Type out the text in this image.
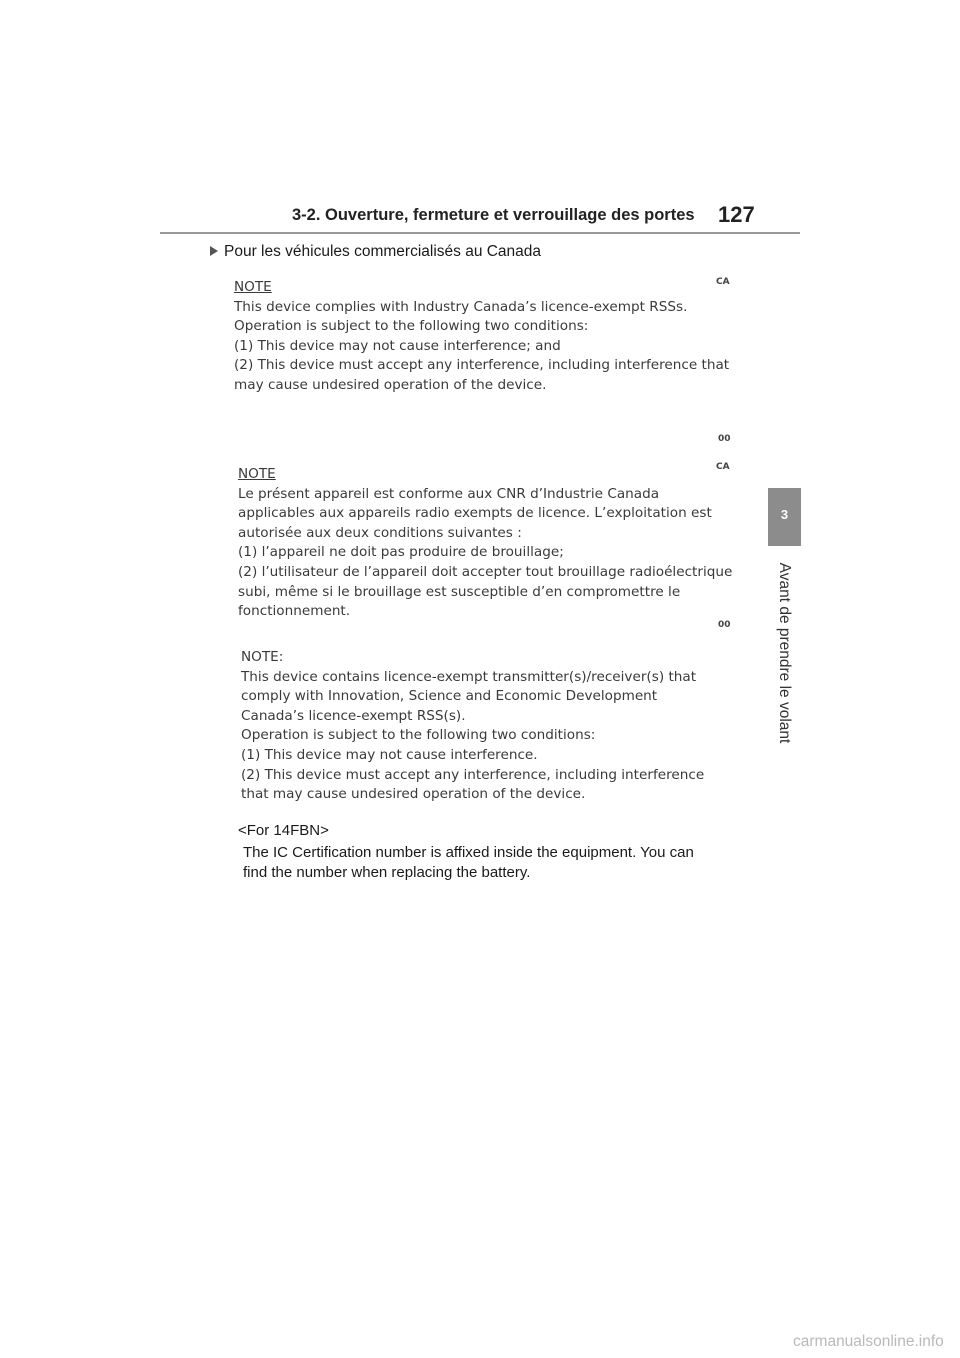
3-2. Ouverture, fermeture et verrouillage des portes 127
Pour les véhicules commercialisés au Canada
NOTE
This device complies with Industry Canada’s licence-exempt RSSs.
Operation is subject to the following two conditions:
(1) This device may not cause interference; and
(2) This device must accept any interference, including interference that
may cause undesired operation of the device.
CA
00
NOTE
Le présent appareil est conforme aux CNR d’Industrie Canada
applicables aux appareils radio exempts de licence. L’exploitation est
autorisée aux deux conditions suivantes :
(1) l’appareil ne doit pas produire de brouillage;
(2) l’utilisateur de l’appareil doit accepter tout brouillage radioélectrique
subi, même si le brouillage est susceptible d’en compromettre le
fonctionnement.
CA
00
NOTE:
This device contains licence-exempt transmitter(s)/receiver(s) that
comply with Innovation, Science and Economic Development
Canada’s licence-exempt RSS(s).
Operation is subject to the following two conditions:
(1) This device may not cause interference.
(2) This device must accept any interference, including interference
that may cause undesired operation of the device.
<For 14FBN>
The IC Certification number is affixed inside the equipment. You can
find the number when replacing the battery.
3
Avant de prendre le volant
carmanualsonline.info
